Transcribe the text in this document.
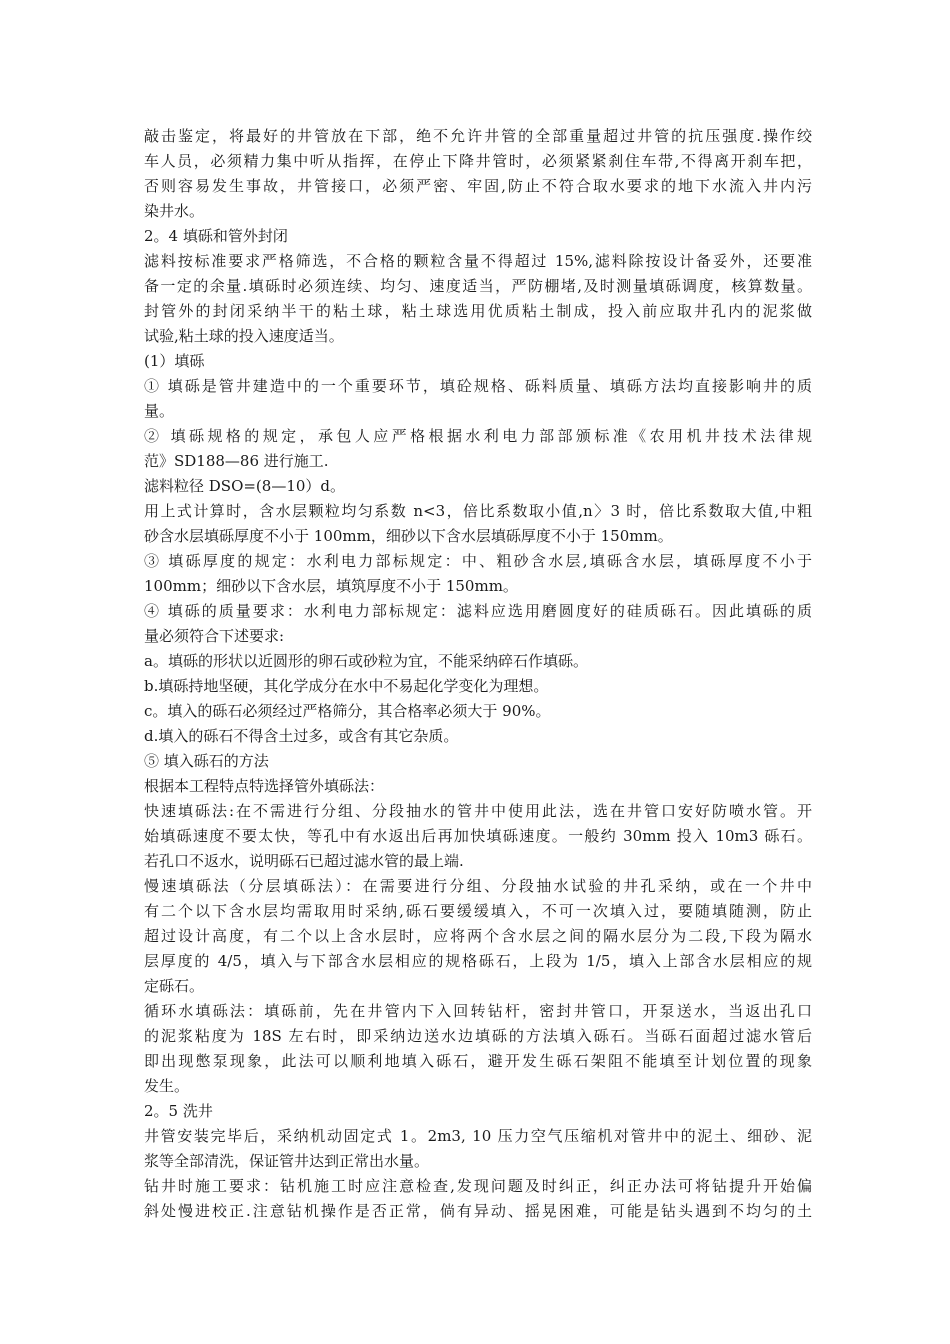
敲击鉴定，将最好的井管放在下部，绝不允许井管的全部重量超过井管的抗压强度.操作绞
车人员，必须精力集中听从指挥，在停止下降井管时，必须紧紧刹住车带,不得离开刹车把，
否则容易发生事故，井管接口，必须严密、牢固,防止不符合取水要求的地下水流入井内污
染井水。
2。4 填砾和管外封闭
滤料按标准要求严格筛选，不合格的颗粒含量不得超过 15%,滤料除按设计备妥外，还要准
备一定的余量.填砾时必须连续、均匀、速度适当，严防棚堵,及时测量填砾调度，核算数量。
封管外的封闭采纳半干的粘土球，粘土球选用优质粘土制成，投入前应取井孔内的泥浆做
试验,粘土球的投入速度适当。
(1）填砾
① 填砾是管井建造中的一个重要环节，填砼规格、砾料质量、填砾方法均直接影响井的质
量。
② 填砾规格的规定，承包人应严格根据水利电力部部颁标准《农用机井技术法律规
范》SD188—86 进行施工.
滤料粒径 DSO=(8—10）d。
用上式计算时，含水层颗粒均匀系数 n<3，倍比系数取小值,n〉3 时，倍比系数取大值,中粗
砂含水层填砾厚度不小于 100mm，细砂以下含水层填砾厚度不小于 150mm。
③ 填砾厚度的规定：水利电力部标规定：中、粗砂含水层,填砾含水层，填砾厚度不小于
100mm；细砂以下含水层，填筑厚度不小于 150mm。
④ 填砾的质量要求：水利电力部标规定：滤料应选用磨圆度好的硅质砾石。因此填砾的质
量必须符合下述要求:
a。填砾的形状以近圆形的卵石或砂粒为宜，不能采纳碎石作填砾。
b.填砾持地坚硬，其化学成分在水中不易起化学变化为理想。
c。填入的砾石必须经过严格筛分，其合格率必须大于 90%。
d.填入的砾石不得含土过多，或含有其它杂质。
⑤ 填入砾石的方法
根据本工程特点特选择管外填砾法：
快速填砾法:在不需进行分组、分段抽水的管井中使用此法，选在井管口安好防喷水管。开
始填砾速度不要太快，等孔中有水返出后再加快填砾速度。一般约 30mm 投入 10m3 砾石。
若孔口不返水，说明砾石已超过滤水管的最上端.
慢速填砾法（分层填砾法）：在需要进行分组、分段抽水试验的井孔采纳，或在一个井中
有二个以下含水层均需取用时采纳,砾石要缓缓填入，不可一次填入过，要随填随测，防止
超过设计高度，有二个以上含水层时，应将两个含水层之间的隔水层分为二段,下段为隔水
层厚度的 4/5，填入与下部含水层相应的规格砾石，上段为 1/5，填入上部含水层相应的规
定砾石。
循环水填砾法：填砾前，先在井管内下入回转钻杆，密封井管口，开泵送水，当返出孔口
的泥浆粘度为 18S 左右时，即采纳边送水边填砾的方法填入砾石。当砾石面超过滤水管后
即出现憋泵现象，此法可以顺利地填入砾石，避开发生砾石架阻不能填至计划位置的现象
发生。
2。5 洗井
井管安装完毕后，采纳机动固定式 1。2m3, 10 压力空气压缩机对管井中的泥土、细砂、泥
浆等全部清洗，保证管井达到正常出水量。
钻井时施工要求：钻机施工时应注意检查,发现问题及时纠正，纠正办法可将钻提升开始偏
斜处慢进校正.注意钻机操作是否正常，倘有异动、摇晃困难，可能是钻头遇到不均匀的土
